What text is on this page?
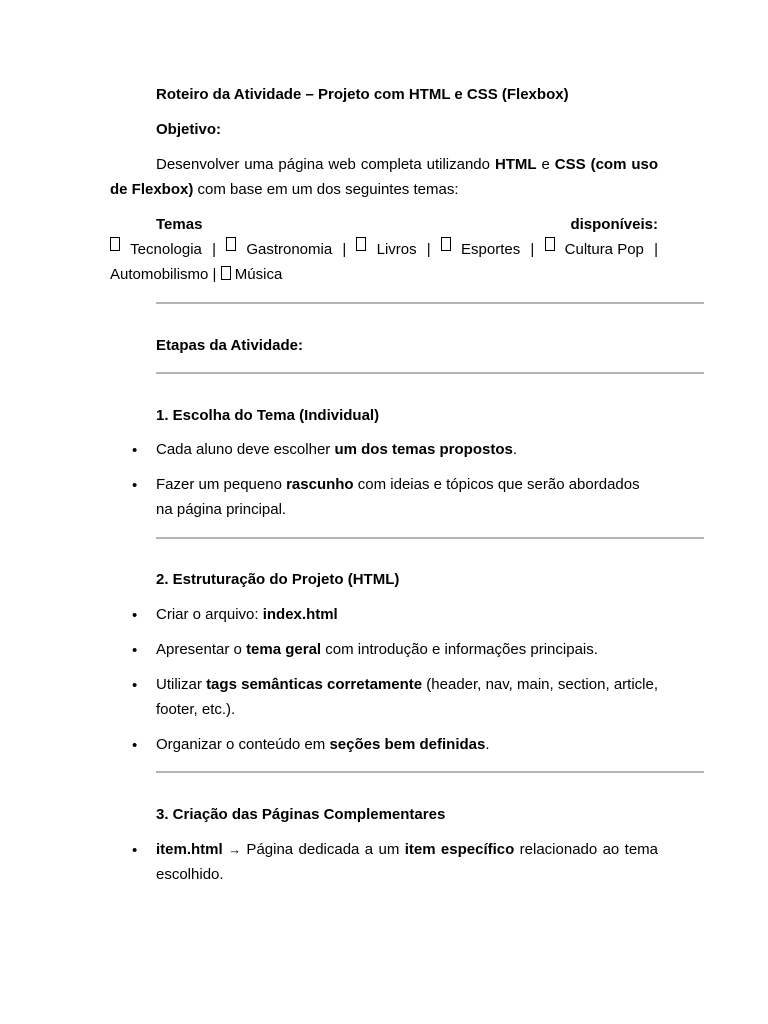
Roteiro da Atividade – Projeto com HTML e CSS (Flexbox)
Objetivo:
Desenvolver uma página web completa utilizando HTML e CSS (com uso de Flexbox) com base em um dos seguintes temas:
Temas	disponíveis:
Tecnologia | Gastronomia | Livros | Esportes | Cultura Pop |
Automobilismo | Música
Etapas da Atividade:
1. Escolha do Tema (Individual)
• Cada aluno deve escolher um dos temas propostos.
• Fazer um pequeno rascunho com ideias e tópicos que serão abordados na página principal.
2. Estruturação do Projeto (HTML)
• Criar o arquivo: index.html
• Apresentar o tema geral com introdução e informações principais.
• Utilizar tags semânticas corretamente (header, nav, main, section, article, footer, etc.).
• Organizar o conteúdo em seções bem definidas.
3. Criação das Páginas Complementares
• item.html → Página dedicada a um item específico relacionado ao tema escolhido.
